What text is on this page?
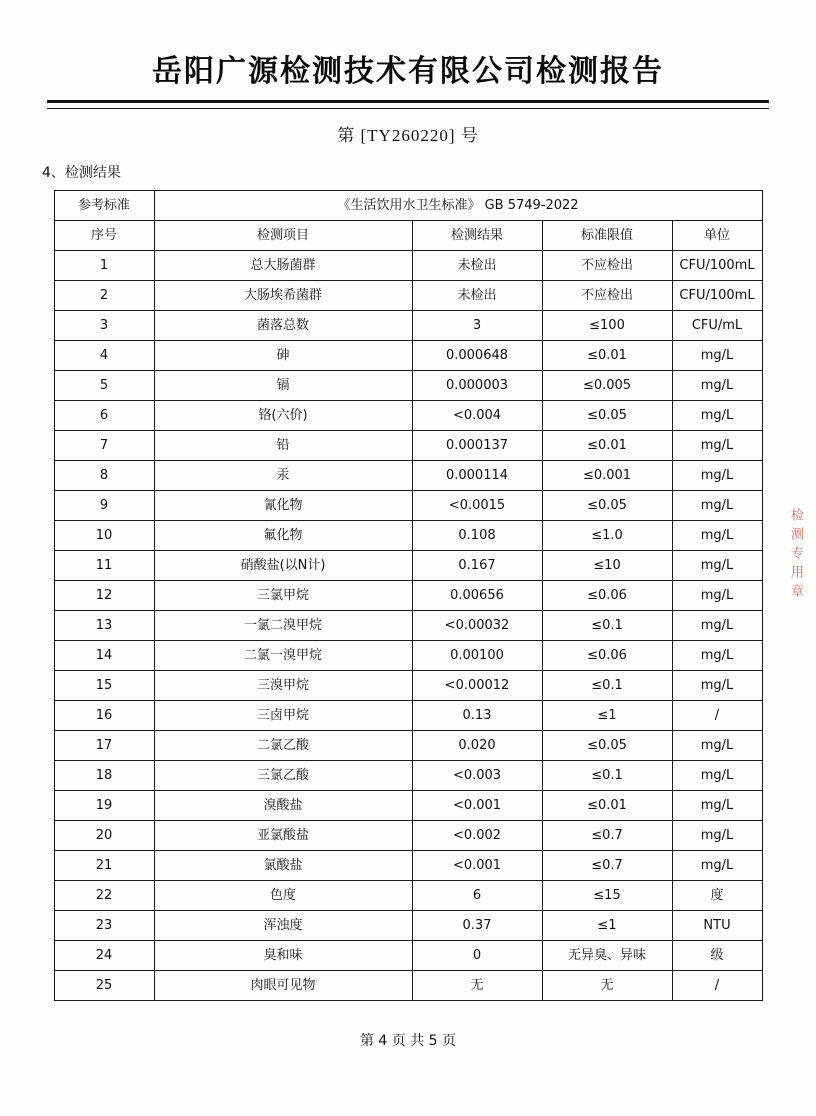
岳阳广源检测技术有限公司检测报告
第 [TY260220] 号
4、检测结果
参考标准	《生活饮用水卫生标准》 GB 5749-2022			
序号	检测项目	检测结果	标准限值	单位
1	总大肠菌群	未检出	不应检出	CFU/100mL
2	大肠埃希菌群	未检出	不应检出	CFU/100mL
3	菌落总数	3	≤100	CFU/mL
4	砷	0.000648	≤0.01	mg/L
5	镉	0.000003	≤0.005	mg/L
6	铬(六价)	<0.004	≤0.05	mg/L
7	铅	0.000137	≤0.01	mg/L
8	汞	0.000114	≤0.001	mg/L
9	氰化物	<0.0015	≤0.05	mg/L
10	氟化物	0.108	≤1.0	mg/L
11	硝酸盐(以N计)	0.167	≤10	mg/L
12	三氯甲烷	0.00656	≤0.06	mg/L
13	一氯二溴甲烷	<0.00032	≤0.1	mg/L
14	二氯一溴甲烷	0.00100	≤0.06	mg/L
15	三溴甲烷	<0.00012	≤0.1	mg/L
16	三卤甲烷	0.13	≤1	/
17	二氯乙酸	0.020	≤0.05	mg/L
18	三氯乙酸	<0.003	≤0.1	mg/L
19	溴酸盐	<0.001	≤0.01	mg/L
20	亚氯酸盐	<0.002	≤0.7	mg/L
21	氯酸盐	<0.001	≤0.7	mg/L
22	色度	6	≤15	度
23	浑浊度	0.37	≤1	NTU
24	臭和味	0	无异臭、异味	级
25	肉眼可见物	无	无	/
检测专用章
第 4 页 共 5 页
